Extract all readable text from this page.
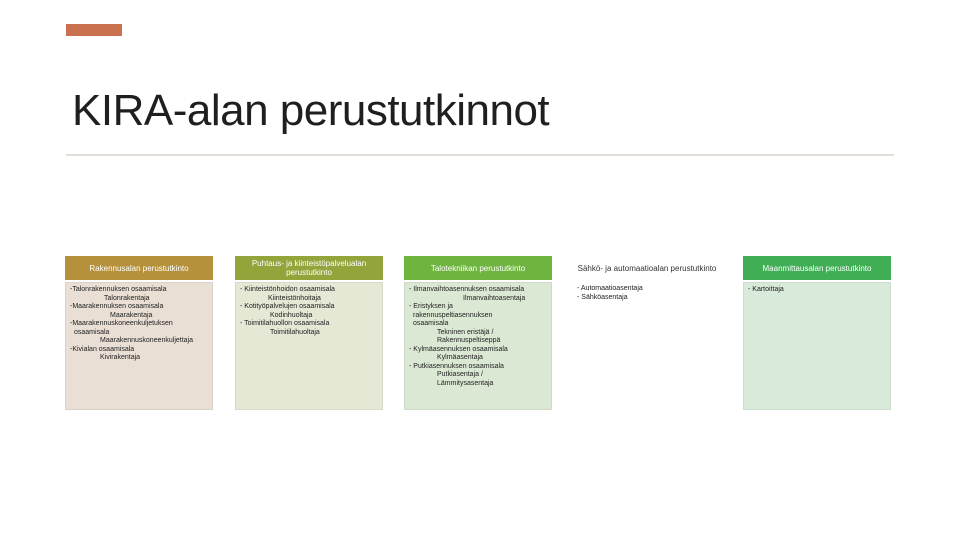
KIRA-alan perustutkinnot
Rakennusalan perustutkinto
-Talonrakennuksen osaamisala
Talonrakentaja
-Maarakennuksen osaamisala
Maarakentaja
-Maarakennuskoneenkuljetuksen
osaamisala
Maarakennuskoneenkuljettaja
-Kivialan osaamisala
Kivirakentaja
Puhtaus- ja kiinteistöpalvelualan perustutkinto
- Kiinteistönhoidon osaamisala
Kiinteistönhoitaja
- Kotityöpalvelujen osaamisala
Kodinhuoltaja
- Toimitilahuollon osaamisala
Toimitilahuoltaja
Talotekniikan perustutkinto
- Ilmanvaihtoasennuksen osaamisala
Ilmanvaihtoasentaja
- Eristyksen ja
rakennuspeltiasennuksen
osaamisala
Tekninen eristäjä /
Rakennuspeltiseppä
- Kylmäasennuksen osaamisala
Kylmäasentaja
- Putkiasennuksen osaamisala
Putkiasentaja /
Lämmitysasentaja
Sähkö- ja automaatioalan perustutkinto
- Automaatioasentaja
- Sähköasentaja
Maanmittausalan perustutkinto
- Kartoittaja
